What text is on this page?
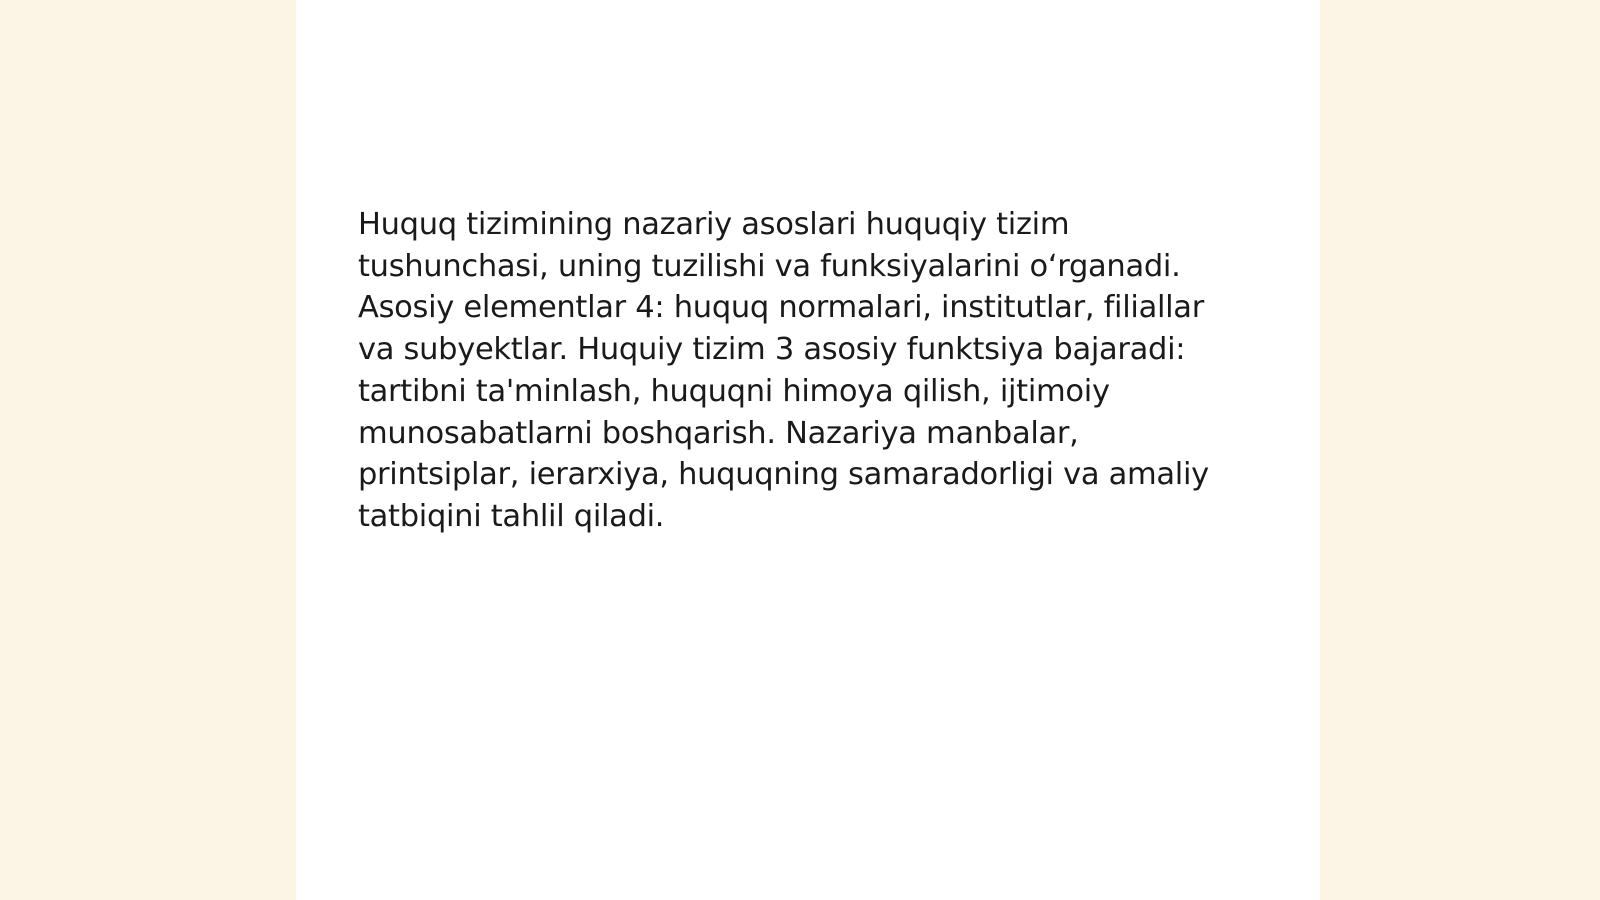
Huquq tizimining nazariy asoslari huquqiy tizim tushunchasi, uning tuzilishi va funksiyalarini o‘rganadi. Asosiy elementlar 4: huquq normalari, institutlar, filiallar va subyektlar. Huquiy tizim 3 asosiy funktsiya bajaradi: tartibni ta'minlash, huquqni himoya qilish, ijtimoiy munosabatlarni boshqarish. Nazariya manbalar, printsiplar, ierarxiya, huquqning samaradorligi va amaliy tatbiqini tahlil qiladi.
